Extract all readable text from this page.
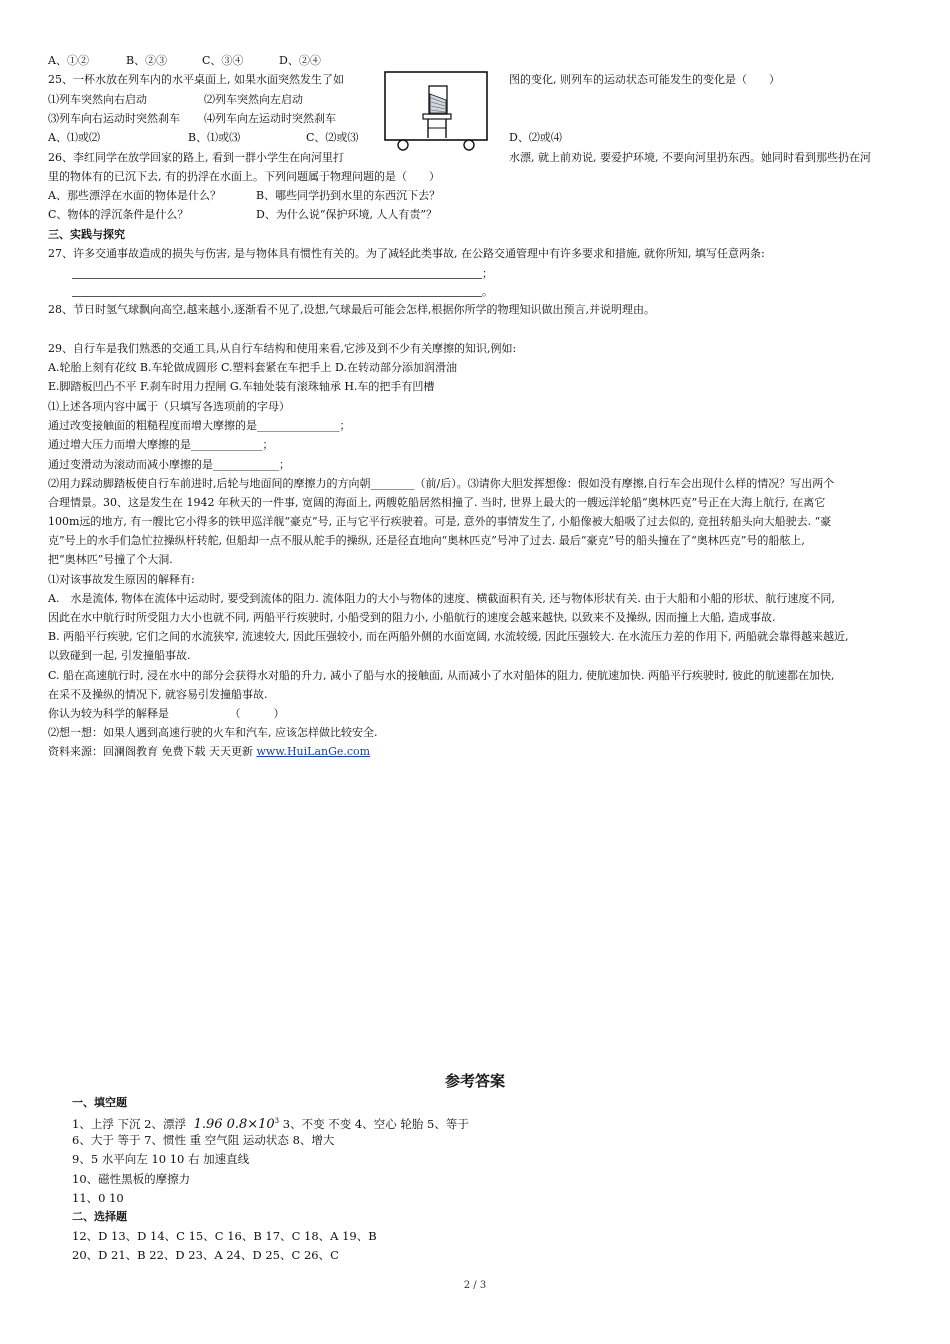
A、①②	B、②③	C、③④	D、②④
25、一杯水放在列车内的水平桌面上, 如果水面突然发生了如	图的变化, 则列车的运动状态可能发生的变化是（　　）
⑴列车突然向右启动	⑵列车突然向左启动
⑶列车向右运动时突然刹车 ⑷列车向左运动时突然刹车
A、⑴或⑵	B、⑴或⑶	C、⑵或⑶	D、⑵或⑷
26、李红同学在放学回家的路上, 看到一群小学生在向河里打	水漂, 就上前劝说, 要爱护环境, 不要向河里扔东西。她同时看到那些扔在河
里的物体有的已沉下去, 有的扔浮在水面上。下列问题属于物理问题的是（　　）
A、那些漂浮在水面的物体是什么？	B、哪些同学扔到水里的东西沉下去？
C、物体的浮沉条件是什么？	D、为什么说“保护环境, 人人有责”？
三、实践与探究
27、许多交通事故造成的损失与伤害, 是与物体具有惯性有关的。为了减轻此类事故, 在公路交通管理中有许多要求和措施, 就你所知, 填写任意两条:
；
。
28、节日时氢气球飘向高空,越来越小,逐渐看不见了,设想,气球最后可能会怎样,根据你所学的物理知识做出预言,并说明理由。
29、自行车是我们熟悉的交通工具,从自行车结构和使用来看,它涉及到不少有关摩擦的知识,例如:
A.轮胎上刻有花纹 B.车轮做成圆形 C.塑料套紧在车把手上 D.在转动部分添加润滑油
E.脚踏板凹凸不平 F.刹车时用力捏闸 G.车轴处装有滚珠轴承 H.车的把手有凹槽
⑴上述各项内容中属于（只填写各选项前的字母）
通过改变接触面的粗糙程度而增大摩擦的是_______________；
通过增大压力而增大摩擦的是_____________；
通过变滑动为滚动而减小摩擦的是____________；
⑵用力踩动脚踏板使自行车前进时,后轮与地面间的摩擦力的方向朝________（前/后）。⑶请你大胆发挥想像：假如没有摩擦,自行车会出现什么样的情况？写出两个
合理情景。30、这是发生在 1942 年秋天的一件事, 宽阔的海面上, 两艘乾船居然相撞了. 当时, 世界上最大的一艘远洋轮船“奥林匹克”号正在大海上航行, 在离它
100m远的地方, 有一艘比它小得多的铁甲巡洋舰“豪克”号, 正与它平行疾驶着。可是, 意外的事情发生了, 小船像被大船吸了过去似的, 竞扭转船头向大船驶去. “豪
克”号上的水手们急忙拉操纵杆转舵, 但船却一点不服从舵手的操纵, 还是径直地向“奥林匹克”号冲了过去. 最后“豪克”号的船头撞在了“奥林匹克”号的船舷上,
把“奥林匹”号撞了个大洞.
⑴对该事故发生原因的解释有:
A.　水是流体, 物体在流体中运动时, 要受到流体的阻力. 流体阻力的大小与物体的速度、横截面积有关, 还与物体形状有关. 由于大船和小船的形状、航行速度不同,
因此在水中航行时所受阻力大小也就不同, 两船平行疾驶时, 小船受到的阻力小, 小船航行的速度会越来越快, 以致来不及操纵, 因而撞上大船, 造成事故.
B. 两船平行疾驶, 它们之间的水流狭窄, 流速较大, 因此压强较小, 而在两船外侧的水面宽阔, 水流较缓, 因此压强较大. 在水流压力差的作用下, 两船就会靠得越来越近,
以致碰到一起, 引发撞船事故.
C. 船在高速航行时, 浸在水中的部分会获得水对船的升力, 减小了船与水的接触面, 从而减小了水对船体的阻力, 使航速加快. 两船平行疾驶时, 彼此的航速都在加快,
在采不及操纵的情况下, 就容易引发撞船事故.
你认为较为科学的解释是　　　　　　（　　　）
⑵想一想：如果人遇到高速行驶的火车和汽车, 应该怎样做比较安全.
资料来源：回澜阁教育 免费下载 天天更新 www.HuiLanGe.com
参考答案
一、填空题
1、上浮 下沉 2、漂浮 1.96 $0.8\times 10^3$ 3、不变 不变 4、空心 轮胎 5、等于
6、大于 等于 7、惯性 重 空气阻 运动状态 8、增大
9、5 水平向左 10 10 右 加速直线
10、磁性黑板的摩擦力
11、0 10
二、选择题
12、D 13、D 14、C 15、C 16、B 17、C 18、A 19、B
20、D 21、B 22、D 23、A 24、D 25、C 26、C
2 / 3
